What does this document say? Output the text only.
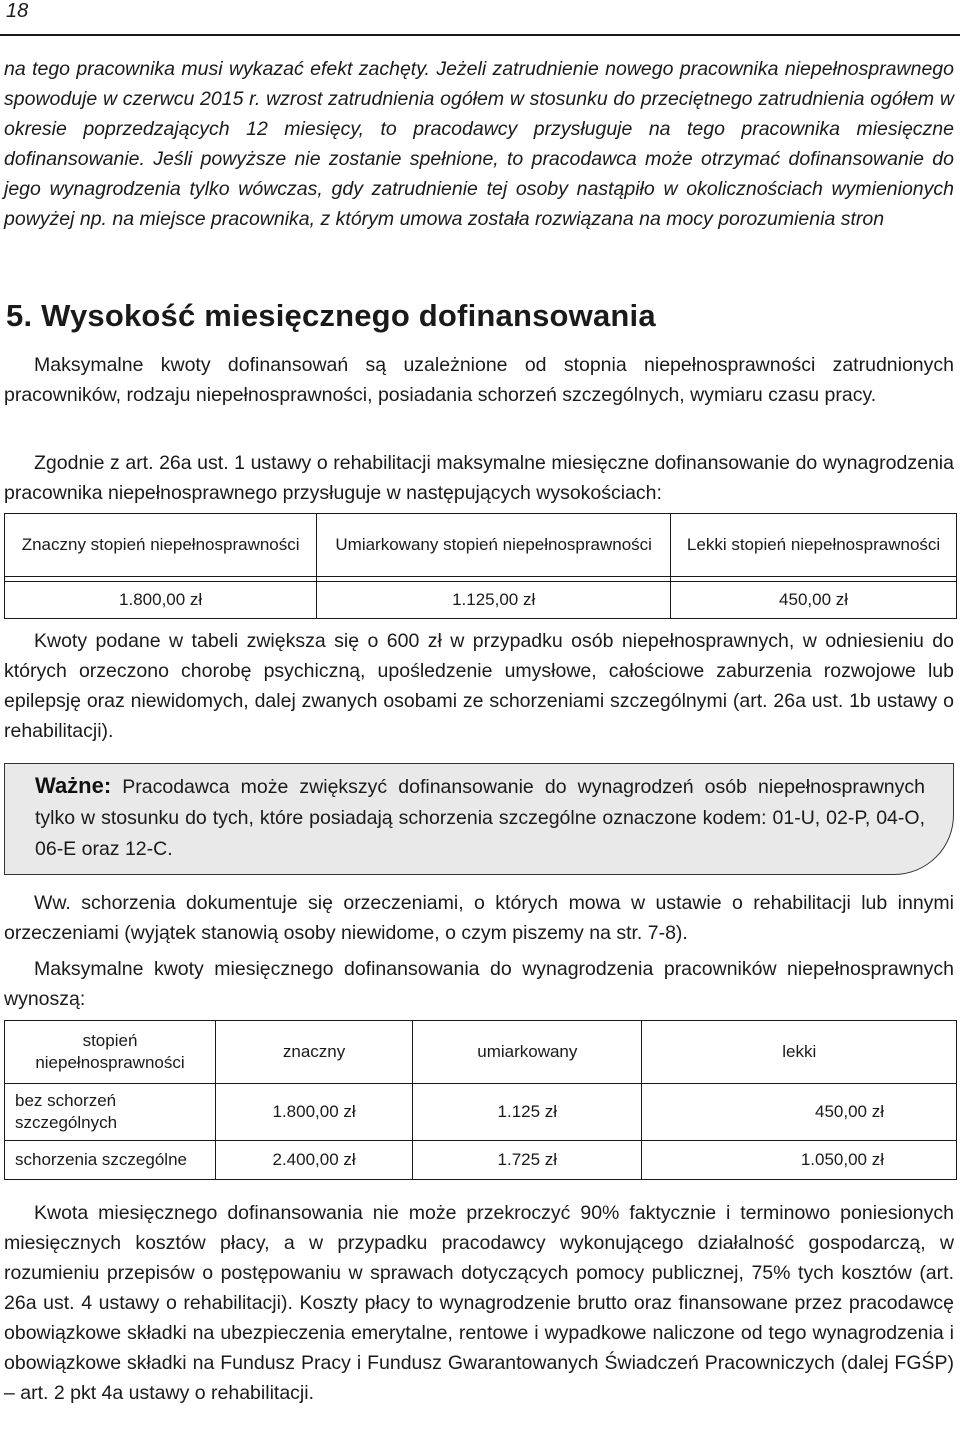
18

na tego pracownika musi wykazać efekt zachęty. Jeżeli zatrudnienie nowego pracownika niepełnosprawnego spowoduje w czerwcu 2015 r. wzrost zatrudnienia ogółem w stosunku do przeciętnego zatrudnienia ogółem w okresie poprzedzających 12 miesięcy, to pracodawcy przysługuje na tego pracownika miesięczne dofinansowanie. Jeśli powyższe nie zostanie spełnione, to pracodawca może otrzymać dofinansowanie do jego wynagrodzenia tylko wówczas, gdy zatrudnienie tej osoby nastąpiło w okolicznościach wymienionych powyżej np. na miejsce pracownika, z którym umowa została rozwiązana na mocy porozumienia stron

5. Wysokość miesięcznego dofinansowania

Maksymalne kwoty dofinansowań są uzależnione od stopnia niepełnosprawności zatrudnionych pracowników, rodzaju niepełnosprawności, posiadania schorzeń szczególnych, wymiaru czasu pracy.

Zgodnie z art. 26a ust. 1 ustawy o rehabilitacji maksymalne miesięczne dofinansowanie do wynagrodzenia pracownika niepełnosprawnego przysługuje w następujących wysokościach:

Znaczny stopień niepełnosprawności	Umiarkowany stopień niepełnosprawności	Lekki stopień niepełnosprawności

1.800,00 zł	1.125,00 zł	450,00 zł

Kwoty podane w tabeli zwiększa się o 600 zł w przypadku osób niepełnosprawnych, w odniesieniu do których orzeczono chorobę psychiczną, upośledzenie umysłowe, całościowe zaburzenia rozwojowe lub epilepsję oraz niewidomych, dalej zwanych osobami ze schorzeniami szczególnymi (art. 26a ust. 1b ustawy o rehabilitacji).

Ważne: Pracodawca może zwiększyć dofinansowanie do wynagrodzeń osób niepełnosprawnych tylko w stosunku do tych, które posiadają schorzenia szczególne oznaczone kodem: 01-U, 02-P, 04-O, 06-E oraz 12-C.

Ww. schorzenia dokumentuje się orzeczeniami, o których mowa w ustawie o rehabilitacji lub innymi orzeczeniami (wyjątek stanowią osoby niewidome, o czym piszemy na str. 7-8).

Maksymalne kwoty miesięcznego dofinansowania do wynagrodzenia pracowników niepełnosprawnych wynoszą:

stopień niepełnosprawności	znaczny	umiarkowany	lekki
bez schorzeń szczególnych	1.800,00 zł	1.125 zł	450,00 zł
schorzenia szczególne	2.400,00 zł	1.725 zł	1.050,00 zł

Kwota miesięcznego dofinansowania nie może przekroczyć 90% faktycznie i terminowo poniesionych miesięcznych kosztów płacy, a w przypadku pracodawcy wykonującego działalność gospodarczą, w rozumieniu przepisów o postępowaniu w sprawach dotyczących pomocy publicznej, 75% tych kosztów (art. 26a ust. 4 ustawy o rehabilitacji). Koszty płacy to wynagrodzenie brutto oraz finansowane przez pracodawcę obowiązkowe składki na ubezpieczenia emerytalne, rentowe i wypadkowe naliczone od tego wynagrodzenia i obowiązkowe składki na Fundusz Pracy i Fundusz Gwarantowanych Świadczeń Pracowniczych (dalej FGŚP) – art. 2 pkt 4a ustawy o rehabilitacji.
